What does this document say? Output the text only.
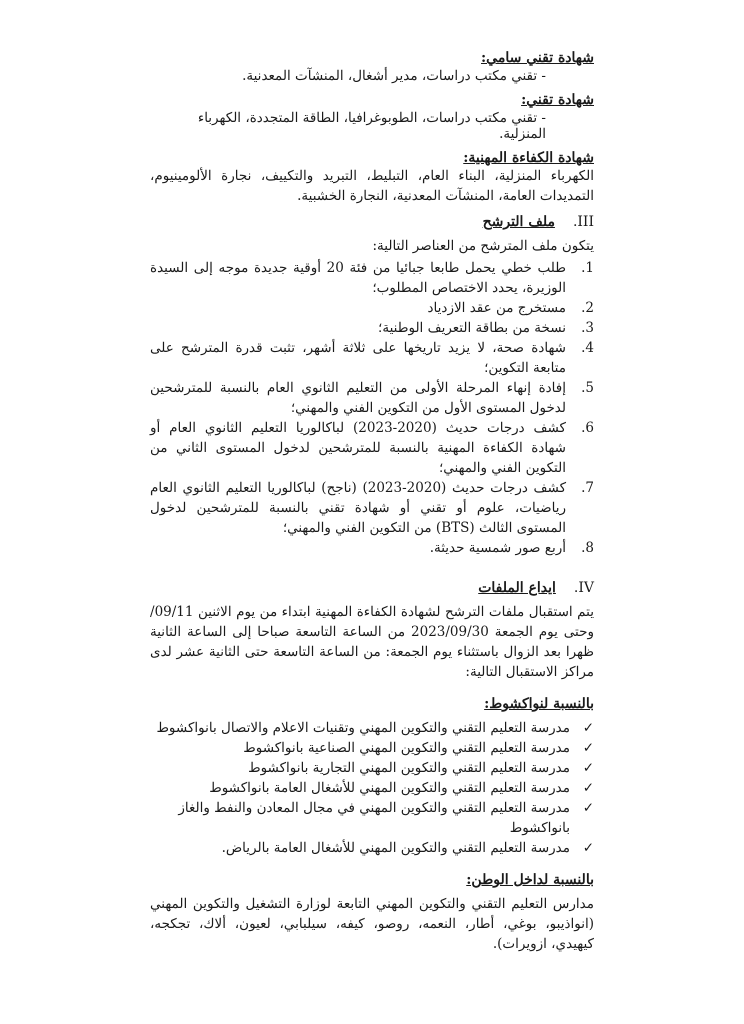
شهادة تقني سامي:

- تقني مكتب دراسات، مدير أشغال، المنشآت المعدنية.

شهادة تقني:

- تقني مكتب دراسات، الطوبوغرافيا، الطاقة المتجددة، الكهرباء المنزلية.

شهادة الكفاءة المهنية:

الكهرباء المنزلية، البناء العام، التبليط، التبريد والتكييف، نجارة الألومينيوم، التمديدات العامة، المنشآت المعدنية، النجارة الخشبية.

III.
ملف الترشح

يتكون ملف المترشح من العناصر التالية:

1.
طلب خطي يحمل طابعا جبائيا من فئة 20 أوقية جديدة موجه إلى السيدة الوزيرة، يحدد الاختصاص المطلوب؛
2.
مستخرج من عقد الازدياد
3.
نسخة من بطاقة التعريف الوطنية؛
4.
شهادة صحة، لا يزيد تاريخها على ثلاثة أشهر، تثبت قدرة المترشح على متابعة التكوين؛
5.
إفادة إنهاء المرحلة الأولى من التعليم الثانوي العام بالنسبة للمترشحين لدخول المستوى الأول من التكوين الفني والمهني؛
6.
كشف درجات حديث (2020-2023) لباكالوريا التعليم الثانوي العام أو شهادة الكفاءة المهنية بالنسبة للمترشحين لدخول المستوى الثاني من التكوين الفني والمهني؛
7.
كشف درجات حديث (2020-2023) (ناجح) لباكالوريا التعليم الثانوي العام رياضيات، علوم أو تقني أو شهادة تقني بالنسبة للمترشحين لدخول المستوى الثالث (BTS) من التكوين الفني والمهني؛
8.
أربع صور شمسية حديثة.
IV.
ايداع الملفات

يتم استقبال ملفات الترشح لشهادة الكفاءة المهنية ابتداء من يوم الاثنين 09/11/ وحتى يوم الجمعة 2023/09/30 من الساعة التاسعة صباحا إلى الساعة الثانية ظهرا بعد الزوال باستثناء يوم الجمعة: من الساعة التاسعة حتى الثانية عشر لدى مراكز الاستقبال التالية:

بالنسبة لنواكشوط:

✓
مدرسة التعليم التقني والتكوين المهني وتقنيات الاعلام والاتصال بانواكشوط
✓
مدرسة التعليم التقني والتكوين المهني الصناعية بانواكشوط
✓
مدرسة التعليم التقني والتكوين المهني التجارية بانواكشوط
✓
مدرسة التعليم التقني والتكوين المهني للأشغال العامة بانواكشوط
✓
مدرسة التعليم التقني والتكوين المهني في مجال المعادن والنفط والغاز بانواكشوط
✓
مدرسة التعليم التقني والتكوين المهني للأشغال العامة بالرياض.

بالنسبة لداخل الوطن:

مدارس التعليم التقني والتكوين المهني التابعة لوزارة التشغيل والتكوين المهني (انواذيبو، بوغي، أطار، النعمه، روصو، كيفه، سيلبابي، لعيون، ألاك، تجكجه، كيهيدي، ازويرات).
